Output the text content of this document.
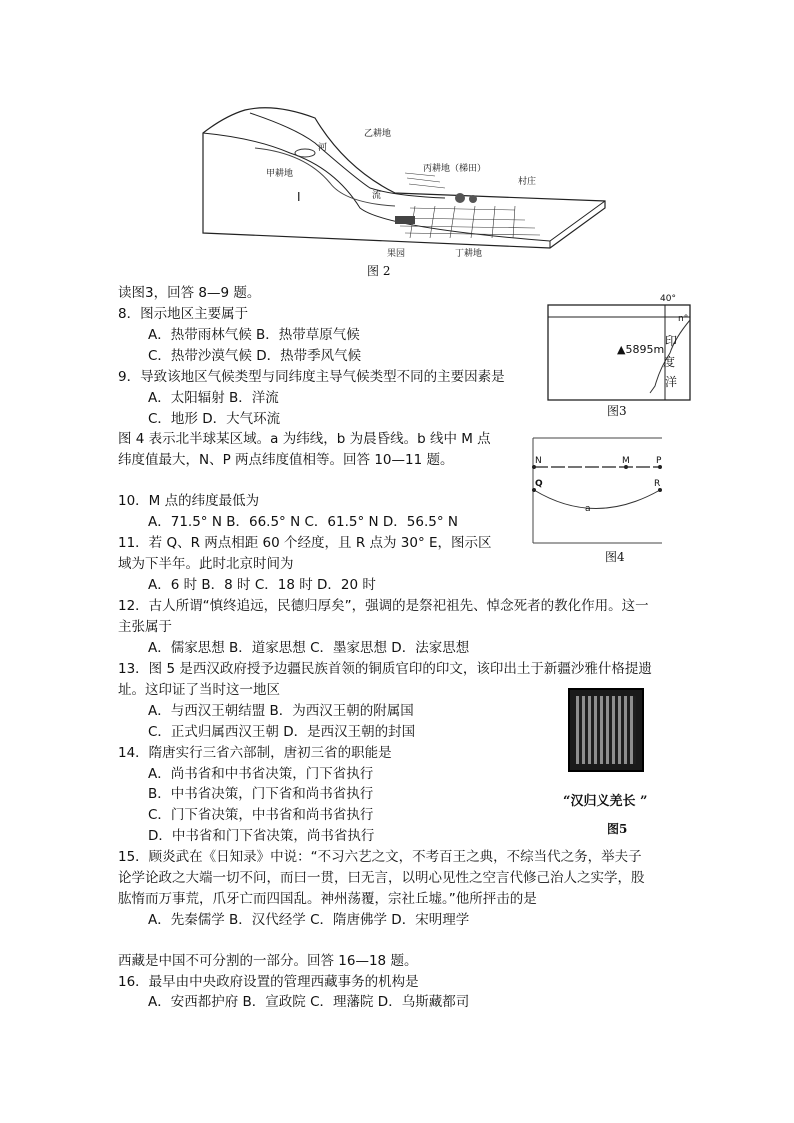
乙耕地
河
甲耕地	丙耕地（梯田）
村庄
流
I
果园	丁耕地
图 2
40°
n°
▲5895m
印
度
洋
图3
N	M	P
Q	R
a
图4
“汉归义羌长 ”
图5
读图3，回答 8—9 题。
8．图示地区主要属于
A．热带雨林气候 B．热带草原气候
C．热带沙漠气候 D．热带季风气候
9．导致该地区气候类型与同纬度主导气候类型不同的主要因素是
A．太阳辐射 B．洋流
C．地形 D．大气环流
图 4 表示北半球某区域。a 为纬线，b 为晨昏线。b 线中 M 点
纬度值最大，N、P 两点纬度值相等。回答 10—11 题。
10．M 点的纬度最低为
A．71.5° N B．66.5° N C．61.5° N D．56.5° N
11．若 Q、R 两点相距 60 个经度，且 R 点为 30° E，图示区
域为下半年。此时北京时间为
A．6 时 B．8 时 C．18 时 D．20 时
12．古人所谓“慎终追远，民德归厚矣”，强调的是祭祀祖先、悼念死者的教化作用。这一
主张属于
A．儒家思想 B．道家思想 C．墨家思想 D．法家思想
13．图 5 是西汉政府授予边疆民族首领的铜质官印的印文，该印出土于新疆沙雅什格提遗
址。这印证了当时这一地区
A．与西汉王朝结盟 B．为西汉王朝的附属国
C．正式归属西汉王朝 D．是西汉王朝的封国
14．隋唐实行三省六部制，唐初三省的职能是
A．尚书省和中书省决策，门下省执行
B．中书省决策，门下省和尚书省执行
C．门下省决策，中书省和尚书省执行
D．中书省和门下省决策，尚书省执行
15．顾炎武在《日知录》中说：“不习六艺之文，不考百王之典，不综当代之务，举夫子
论学论政之大端一切不问，而曰一贯，曰无言，以明心见性之空言代修己治人之实学，股
肱惰而万事荒，爪牙亡而四国乱。神州荡覆，宗社丘墟。”他所抨击的是
A．先秦儒学 B．汉代经学 C．隋唐佛学 D．宋明理学
西藏是中国不可分割的一部分。回答 16—18 题。
16．最早由中央政府设置的管理西藏事务的机构是
A．安西都护府 B．宣政院 C．理藩院 D．乌斯藏都司
